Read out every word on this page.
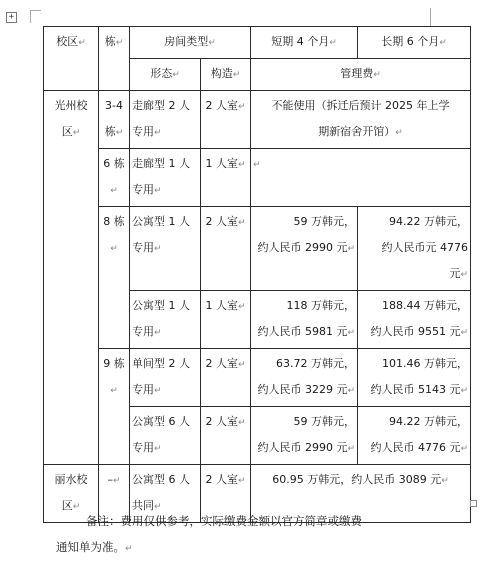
+
校区↵	栋↵	房间类型↵		短期 4 个月↵	长期 6 个月↵
		形态↵	构造↵	管理费↵	

光州校
区↵	3-4
栋↵	走廊型 2 人
专用↵	2 人室↵	不能使用（拆迁后预计 2025 年上学
期新宿舍开馆）↵	
	6 栋↵	走廊型 1 人
专用↵	1 人室↵	↵	
	8 栋↵	公寓型 1 人
专用↵	2 人室↵	59 万韩元，
约人民币 2990 元↵	94.22 万韩元，
约人民币元 4776
元↵

		公寓型 1 人
专用↵	1 人室↵	118 万韩元，
约人民币 5981 元↵	188.44 万韩元，
约人民币 9551 元↵
	9 栋↵	单间型 2 人
专用↵	2 人室↵	63.72 万韩元，
约人民币 3229 元↵	101.46 万韩元，
约人民币 5143 元↵

		公寓型 6 人
专用↵	2 人室↵	59 万韩元，
约人民币 2990 元↵	94.22 万韩元，
约人民币 4776 元↵

丽水校
区↵	–↵	公寓型 6 人
共同↵	2 人室↵	60.95 万韩元，约人民币 3089 元↵	
备注：费用仅供参考，实际缴费金额以官方简章或缴费
通知单为准。↵
